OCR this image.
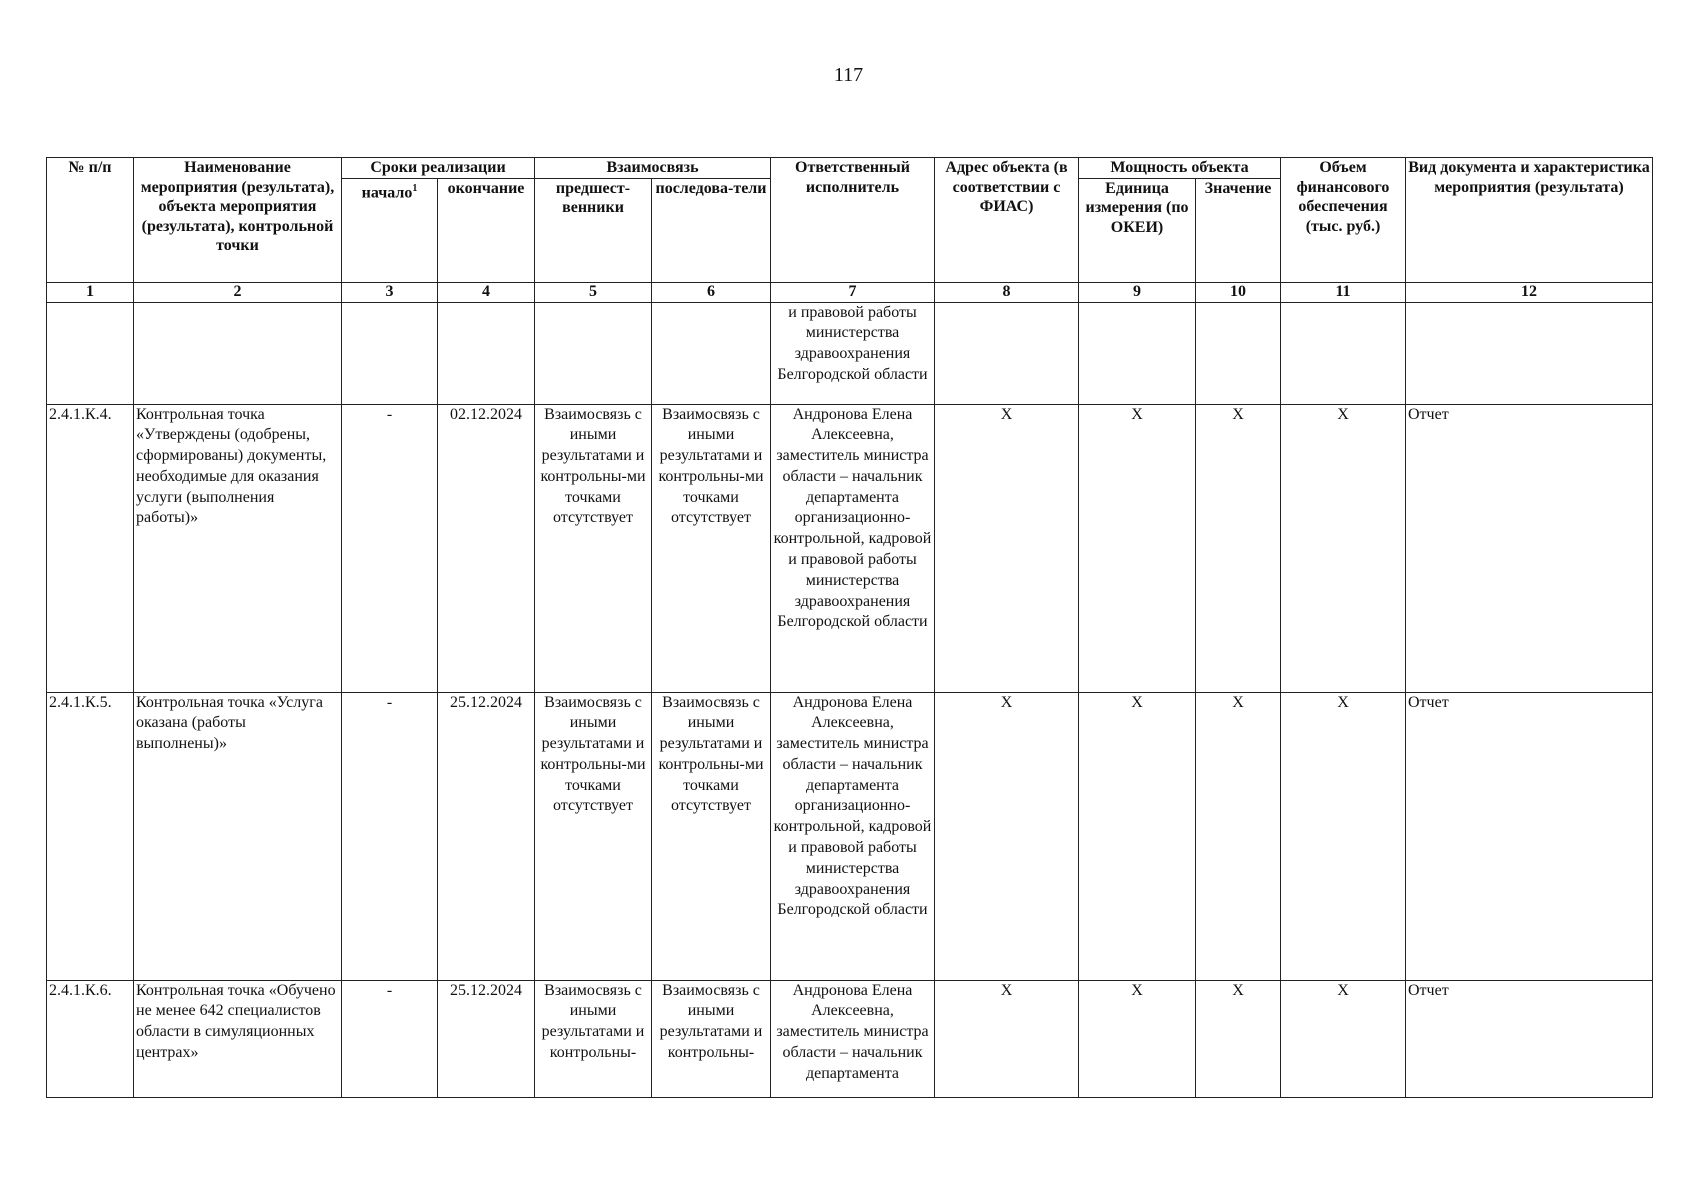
117
№ п/п	Наименование мероприятия (результата), объекта мероприятия (результата), контрольной точки	Сроки реализации		Взаимосвязь		Ответственный исполнитель	Адрес объекта (в соответствии с ФИАС)	Мощность объекта		Объем финансового обеспечения (тыс. руб.)	Вид документа и характеристика мероприятия (результата)
		начало$^1$	окончание	предшест-венники	последова-тели			Единица измерения (по ОКЕИ)	Значение		
1	2	3	4	5	6	7	8	9	10	11	12
						и правовой работы министерства здравоохранения Белгородской области					
2.4.1.К.4.	Контрольная точка «Утверждены (одобрены, сформированы) документы, необходимые для оказания услуги (выполнения работы)»	-	02.12.2024	Взаимосвязь с иными результатами и контрольны-ми точками отсутствует	Взаимосвязь с иными результатами и контрольны-ми точками отсутствует	Андронова Елена Алексеевна, заместитель министра области – начальник департамента организационно-контрольной, кадровой и правовой работы министерства здравоохранения Белгородской области	X	X	X	X	Отчет
2.4.1.К.5.	Контрольная точка «Услуга оказана (работы выполнены)»	-	25.12.2024	Взаимосвязь с иными результатами и контрольны-ми точками отсутствует	Взаимосвязь с иными результатами и контрольны-ми точками отсутствует	Андронова Елена Алексеевна, заместитель министра области – начальник департамента организационно-контрольной, кадровой и правовой работы министерства здравоохранения Белгородской области	X	X	X	X	Отчет
2.4.1.К.6.	Контрольная точка «Обучено не менее 642 специалистов области в симуляционных центрах»	-	25.12.2024	Взаимосвязь с иными результатами и контрольны-	Взаимосвязь с иными результатами и контрольны-	Андронова Елена Алексеевна, заместитель министра области – начальник департамента	X	X	X	X	Отчет
